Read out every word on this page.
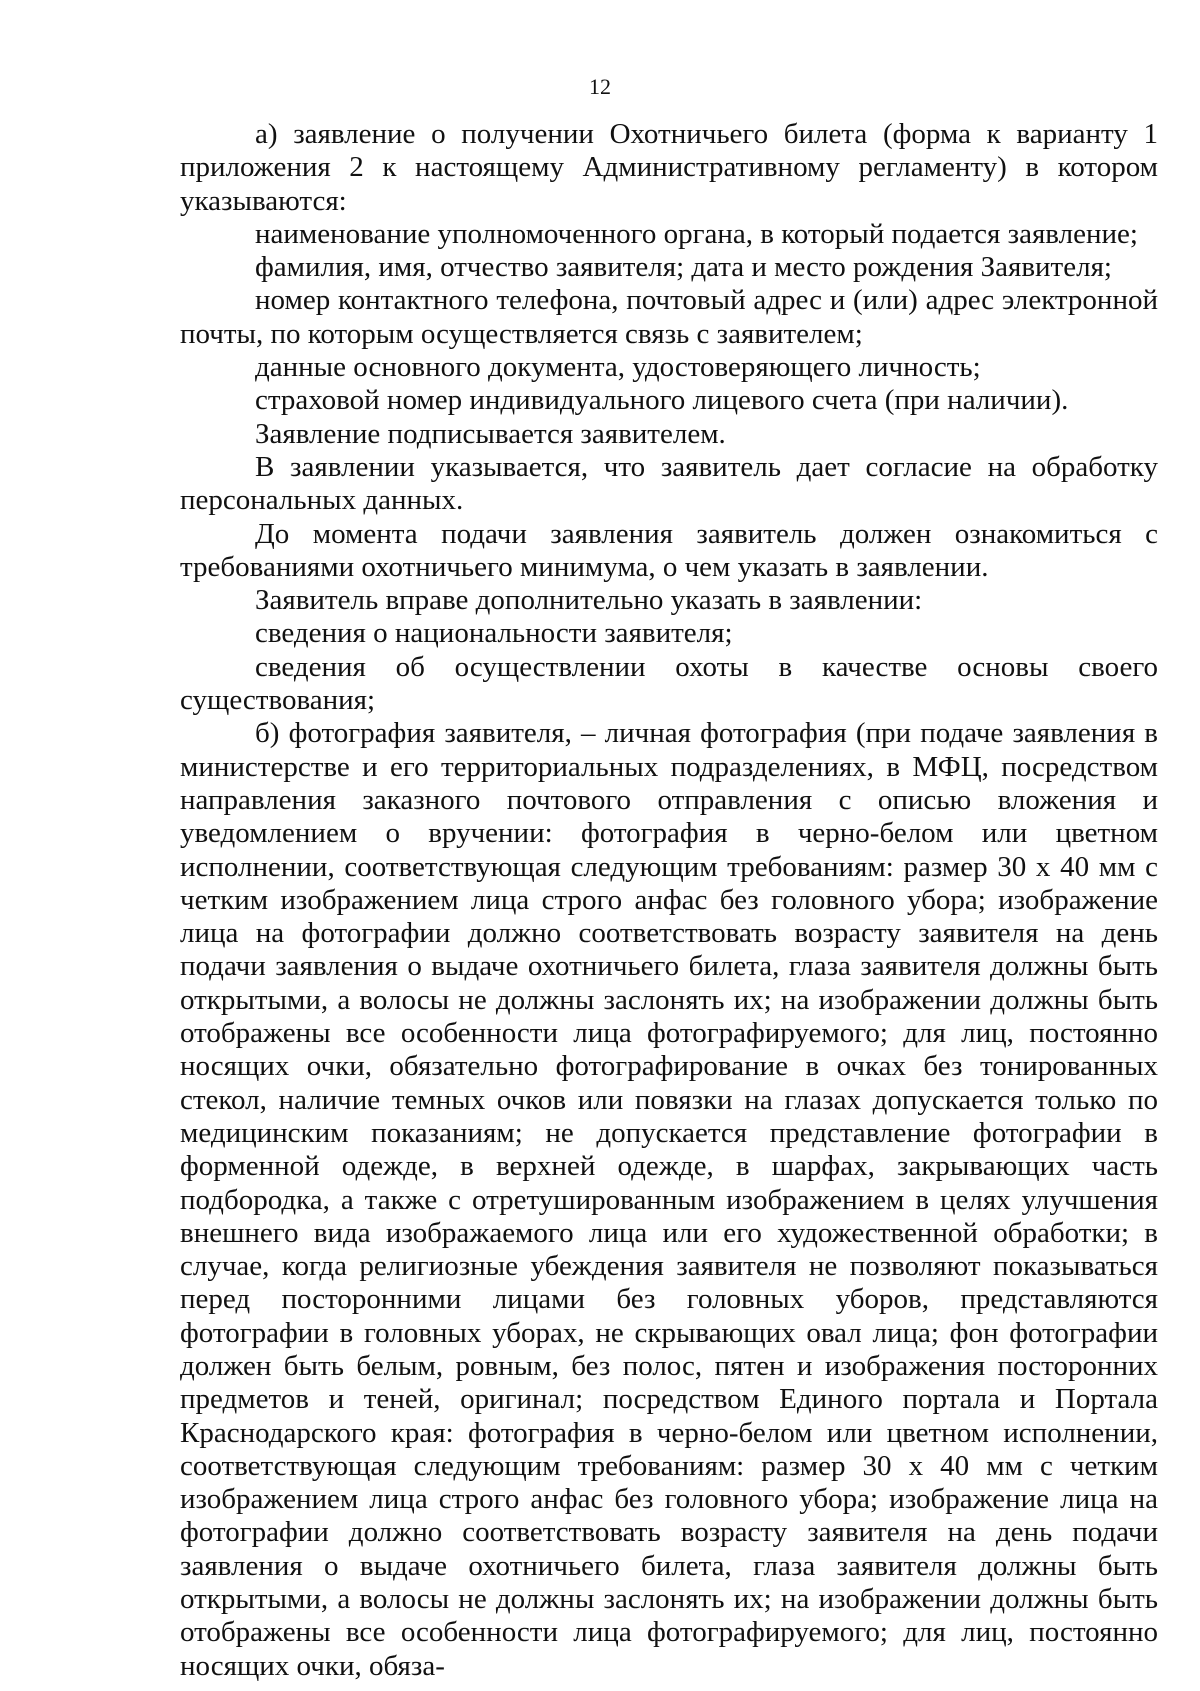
12

а) заявление о получении Охотничьего билета (форма к варианту 1 приложения 2 к настоящему Административному регламенту) в котором указываются:

наименование уполномоченного органа, в который подается заявление;

фамилия, имя, отчество заявителя; дата и место рождения Заявителя;

номер контактного телефона, почтовый адрес и (или) адрес электронной почты, по которым осуществляется связь с заявителем;

данные основного документа, удостоверяющего личность;

страховой номер индивидуального лицевого счета (при наличии).

Заявление подписывается заявителем.

В заявлении указывается, что заявитель дает согласие на обработку персональных данных.

До момента подачи заявления заявитель должен ознакомиться с требованиями охотничьего минимума, о чем указать в заявлении.

Заявитель вправе дополнительно указать в заявлении:

сведения о национальности заявителя;

сведения об осуществлении охоты в качестве основы своего существования;

б) фотография заявителя, – личная фотография (при подаче заявления в министерстве и его территориальных подразделениях, в МФЦ, посредством направления заказного почтового отправления с описью вложения и уведомлением о вручении: фотография в черно-белом или цветном исполнении, соответствующая следующим требованиям: размер 30 х 40 мм с четким изображением лица строго анфас без головного убора; изображение лица на фотографии должно соответствовать возрасту заявителя на день подачи заявления о выдаче охотничьего билета, глаза заявителя должны быть открытыми, а волосы не должны заслонять их; на изображении должны быть отображены все особенности лица фотографируемого; для лиц, постоянно носящих очки, обязательно фотографирование в очках без тонированных стекол, наличие темных очков или повязки на глазах допускается только по медицинским показаниям; не допускается представление фотографии в форменной одежде, в верхней одежде, в шарфах, закрывающих часть подбородка, а также с отретушированным изображением в целях улучшения внешнего вида изображаемого лица или его художественной обработки; в случае, когда религиозные убеждения заявителя не позволяют показываться перед посторонними лицами без головных уборов, представляются фотографии в головных уборах, не скрывающих овал лица; фон фотографии должен быть белым, ровным, без полос, пятен и изображения посторонних предметов и теней, оригинал; посредством Единого портала и Портала Краснодарского края: фотография в черно-белом или цветном исполнении, соответствующая следующим требованиям: размер 30 х 40 мм с четким изображением лица строго анфас без головного убора; изображение лица на фотографии должно соответствовать возрасту заявителя на день подачи заявления о выдаче охотничьего билета, глаза заявителя должны быть открытыми, а волосы не должны заслонять их; на изображении должны быть отображены все особенности лица фотографируемого; для лиц, постоянно носящих очки, обяза-
